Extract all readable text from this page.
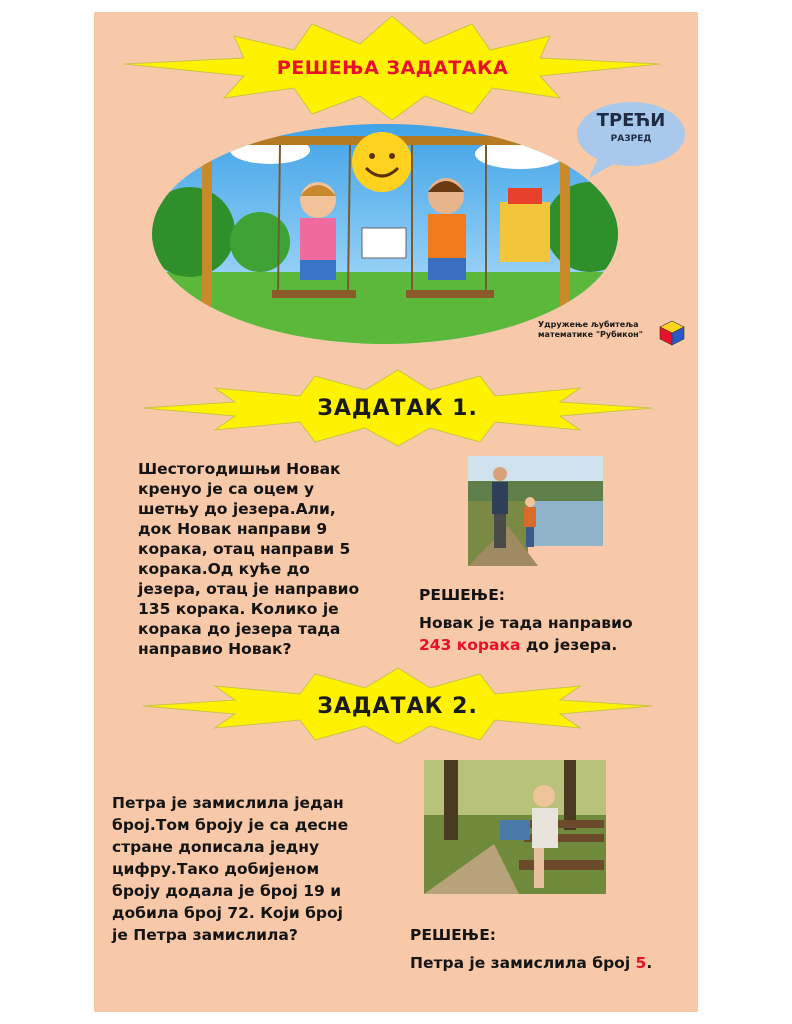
РЕШЕЊА ЗАДАТАКА
ТРЕЋИ
РАЗРЕД
Удружење љубитеља
математике "Рубикон"
ЗАДАТАК 1.
Шестогодишњи Новак
кренуо је са оцем у
шетњу до језера.Али,
док Новак направи 9
корака, отац направи 5
корака.Од куће до
језера, отац је направио
135 корака. Колико је
корака до језера тада
направио Новак?
РЕШЕЊЕ:
Новак је тада направио
243 корака до језера.
ЗАДАТАК 2.
Петра је замислила један
број.Том броју је са десне
стране дописала једну
цифру.Тако добијеном
броју додала је број 19 и
добила број 72. Који број
је Петра замислила?	РЕШЕЊЕ:
Петра је замислила број 5.
